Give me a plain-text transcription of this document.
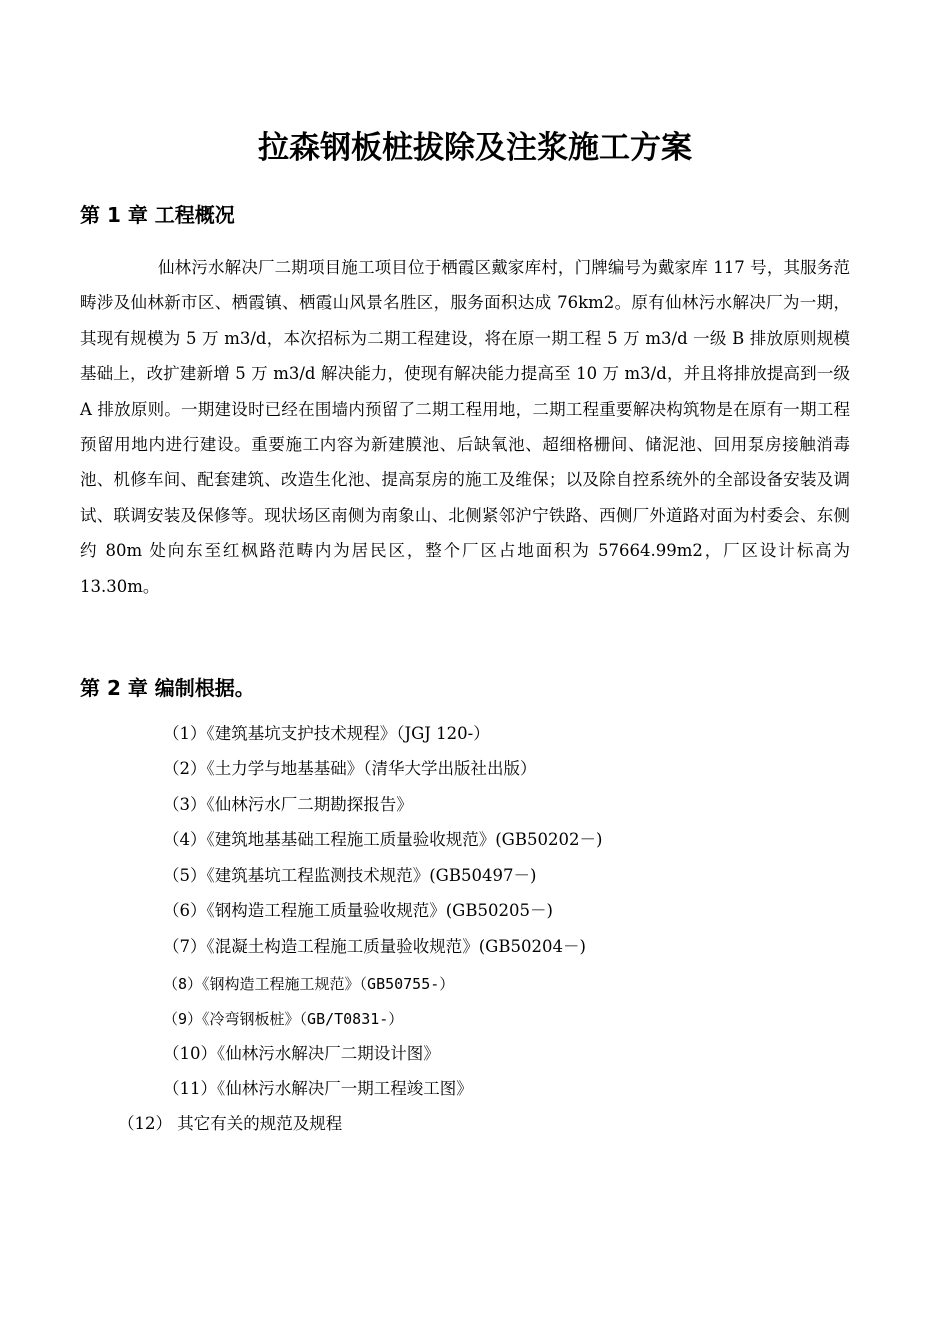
拉森钢板桩拔除及注浆施工方案
第 1 章 工程概况

仙林污水解决厂二期项目施工项目位于栖霞区戴家库村，门牌编号为戴家库 117 号，其服务范畴涉及仙林新市区、栖霞镇、栖霞山风景名胜区，服务面积达成 76km2。原有仙林污水解决厂为一期，其现有规模为 5 万 m3/d，本次招标为二期工程建设，将在原一期工程 5 万 m3/d 一级 B 排放原则规模基础上，改扩建新增 5 万 m3/d 解决能力，使现有解决能力提高至 10 万 m3/d，并且将排放提高到一级 A 排放原则。一期建设时已经在围墙内预留了二期工程用地，二期工程重要解决构筑物是在原有一期工程预留用地内进行建设。重要施工内容为新建膜池、后缺氧池、超细格栅间、储泥池、回用泵房接触消毒池、机修车间、配套建筑、改造生化池、提高泵房的施工及维保；以及除自控系统外的全部设备安装及调试、联调安装及保修等。现状场区南侧为南象山、北侧紧邻沪宁铁路、西侧厂外道路对面为村委会、东侧约 80m 处向东至红枫路范畴内为居民区，整个厂区占地面积为 57664.99m2，厂区设计标高为 13.30m。

第 2 章 编制根据。
（1）《建筑基坑支护技术规程》（JGJ 120-）
（2）《土力学与地基基础》（清华大学出版社出版）
（3）《仙林污水厂二期勘探报告》
（4）《建筑地基基础工程施工质量验收规范》(GB50202－)
（5）《建筑基坑工程监测技术规范》(GB50497－)
（6）《钢构造工程施工质量验收规范》(GB50205－)
（7）《混凝土构造工程施工质量验收规范》(GB50204－)
（8）《钢构造工程施工规范》（GB50755-）
（9）《冷弯钢板桩》（GB/T0831-）
（10）《仙林污水解决厂二期设计图》
（11）《仙林污水解决厂一期工程竣工图》
（12） 其它有关的规范及规程
